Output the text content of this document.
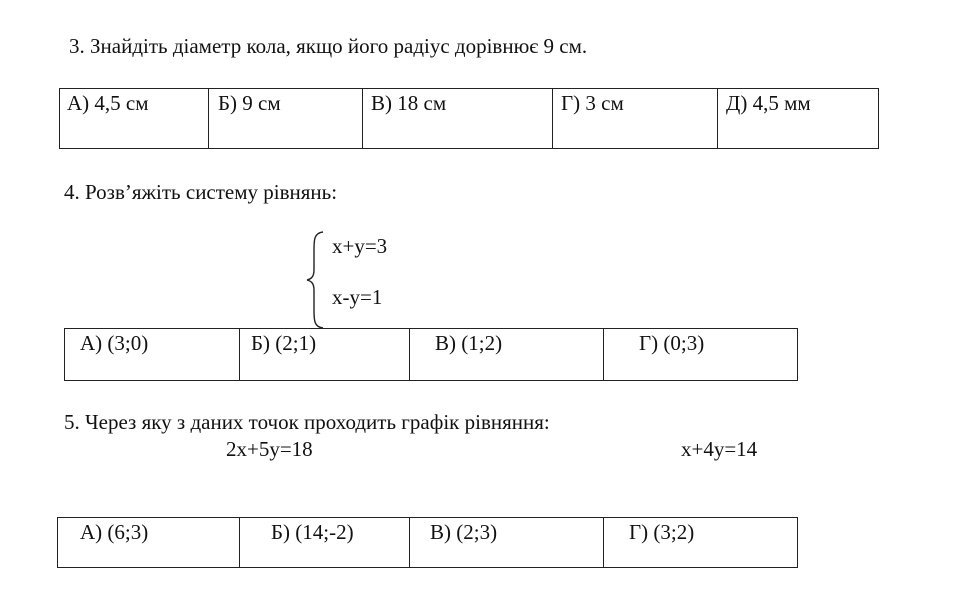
3. Знайдіть діаметр кола, якщо його радіус дорівнює 9 см.
А) 4,5 см	Б) 9 см	В) 18 см	Г) 3 см	Д) 4,5 мм
4. Розв’яжіть систему рівнянь:
x+y=3
x-y=1
А) (3;0)	Б) (2;1)	В) (1;2)	Г) (0;3)
5. Через яку з даних точок проходить графік рівняння:
2x+5y=18	x+4y=14
А) (6;3)	Б) (14;-2)	В) (2;3)	Г) (3;2)
